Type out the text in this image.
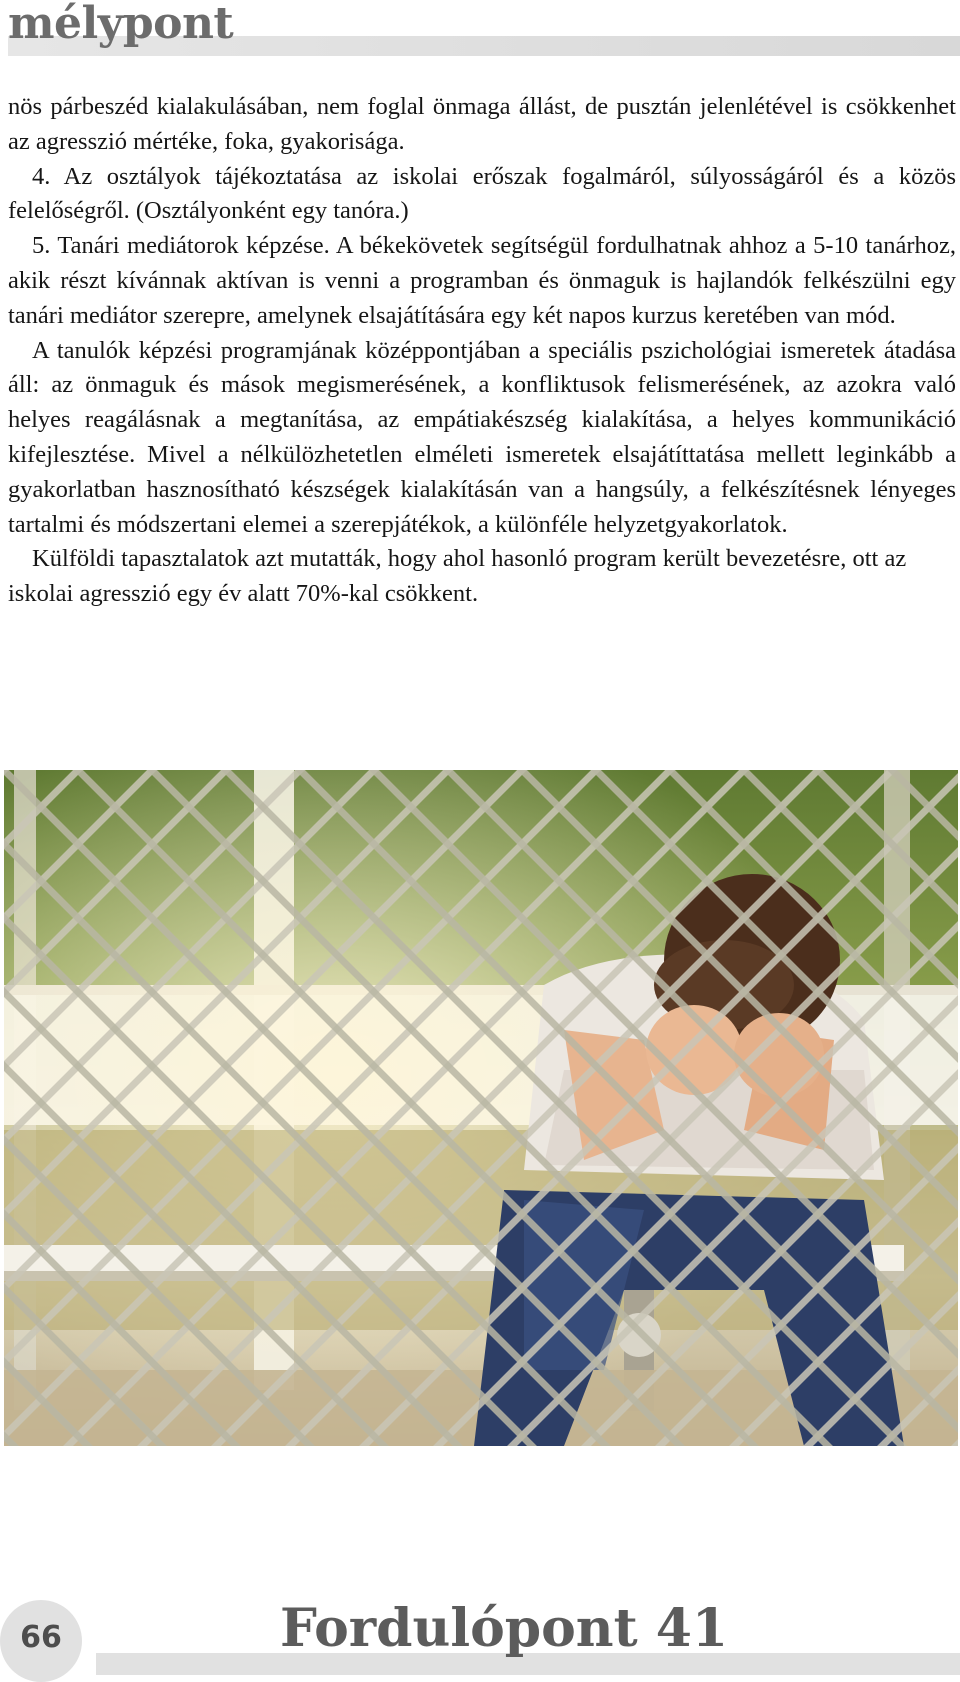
mélypont

nös párbeszéd kialakulásában, nem foglal önmaga állást, de pusztán jelenlétével is csökkenhet az agresszió mértéke, foka, gyakorisága.

4. Az osztályok tájékoztatása az iskolai erőszak fogalmáról, súlyosságáról és a közös felelőségről. (Osztályonként egy tanóra.)

5. Tanári mediátorok képzése. A békekövetek segítségül fordulhatnak ahhoz a 5-10 tanárhoz, akik részt kívánnak aktívan is venni a programban és önmaguk is hajlandók felkészülni egy tanári mediátor szerepre, amelynek elsajátítására egy két napos kurzus keretében van mód.

A tanulók képzési programjának középpontjában a speciális pszichológiai ismeretek átadása áll: az önmaguk és mások megismerésének, a konfliktusok felismerésének, az azokra való helyes reagálásnak a megtanítása, az empátiakészség kialakítása, a helyes kommunikáció kifejlesztése. Mivel a nélkülözhetetlen elméleti ismeretek elsajátíttatása mellett leginkább a gyakorlatban hasznosítható készségek kialakításán van a hangsúly, a felkészítésnek lényeges tartalmi és módszertani elemei a szerepjátékok, a különféle helyzetgyakorlatok.

Külföldi tapasztalatok azt mutatták, hogy ahol hasonló program került bevezetésre, ott az iskolai agresszió egy év alatt 70%-kal csökkent.

66	Fordulópont 41
